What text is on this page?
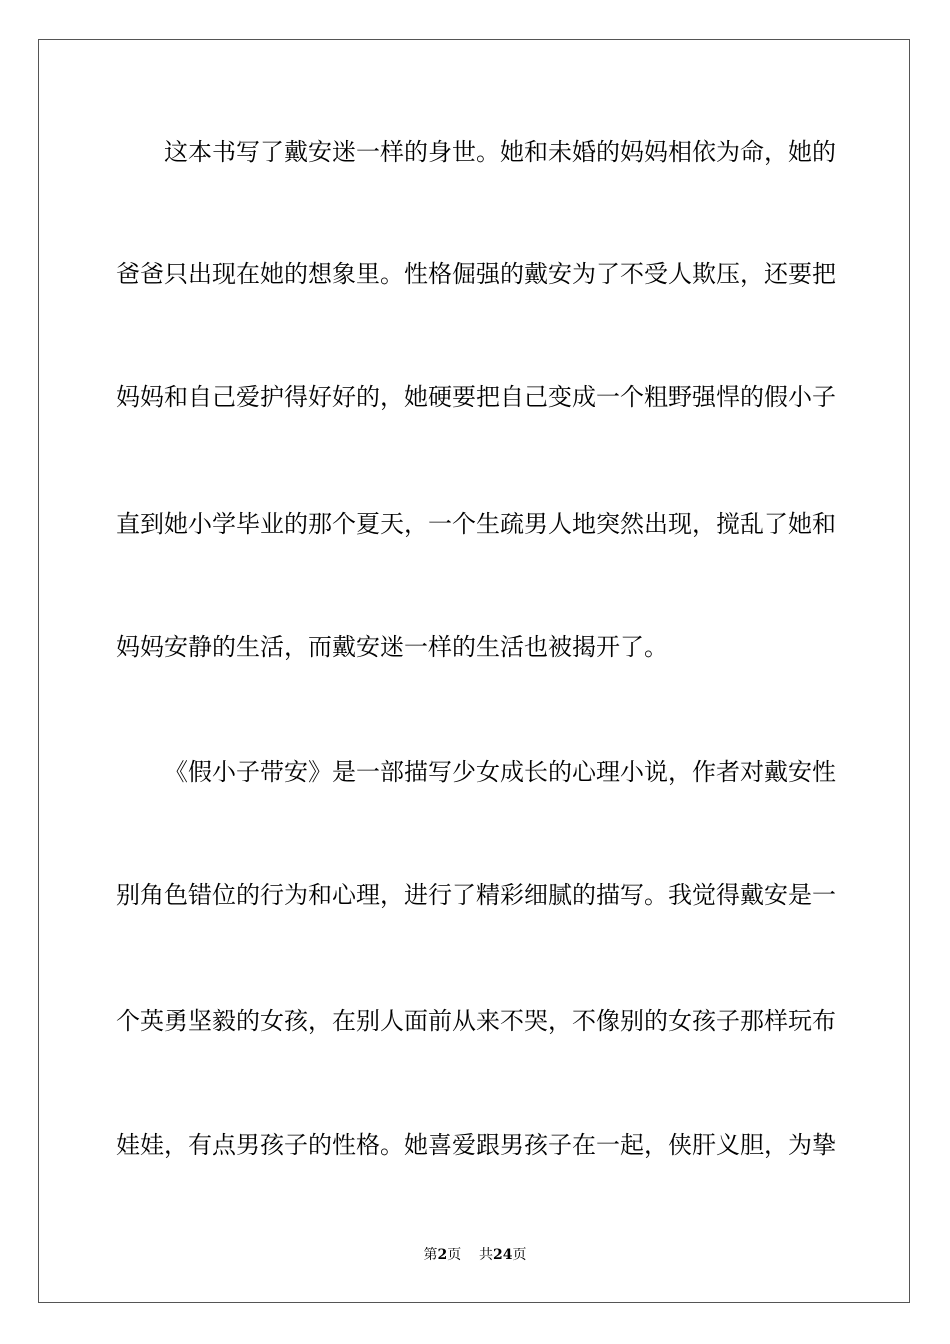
这本书写了戴安迷一样的身世。她和未婚的妈妈相依为命，她的
爸爸只出现在她的想象里。性格倔强的戴安为了不受人欺压，还要把
妈妈和自己爱护得好好的，她硬要把自己变成一个粗野强悍的假小子
直到她小学毕业的那个夏天，一个生疏男人地突然出现，搅乱了她和
妈妈安静的生活，而戴安迷一样的生活也被揭开了。
《假小子带安》是一部描写少女成长的心理小说，作者对戴安性
别角色错位的行为和心理，进行了精彩细腻的描写。我觉得戴安是一
个英勇坚毅的女孩，在别人面前从来不哭，不像别的女孩子那样玩布
娃娃，有点男孩子的性格。她喜爱跟男孩子在一起，侠肝义胆，为挚
第2页 共24页
